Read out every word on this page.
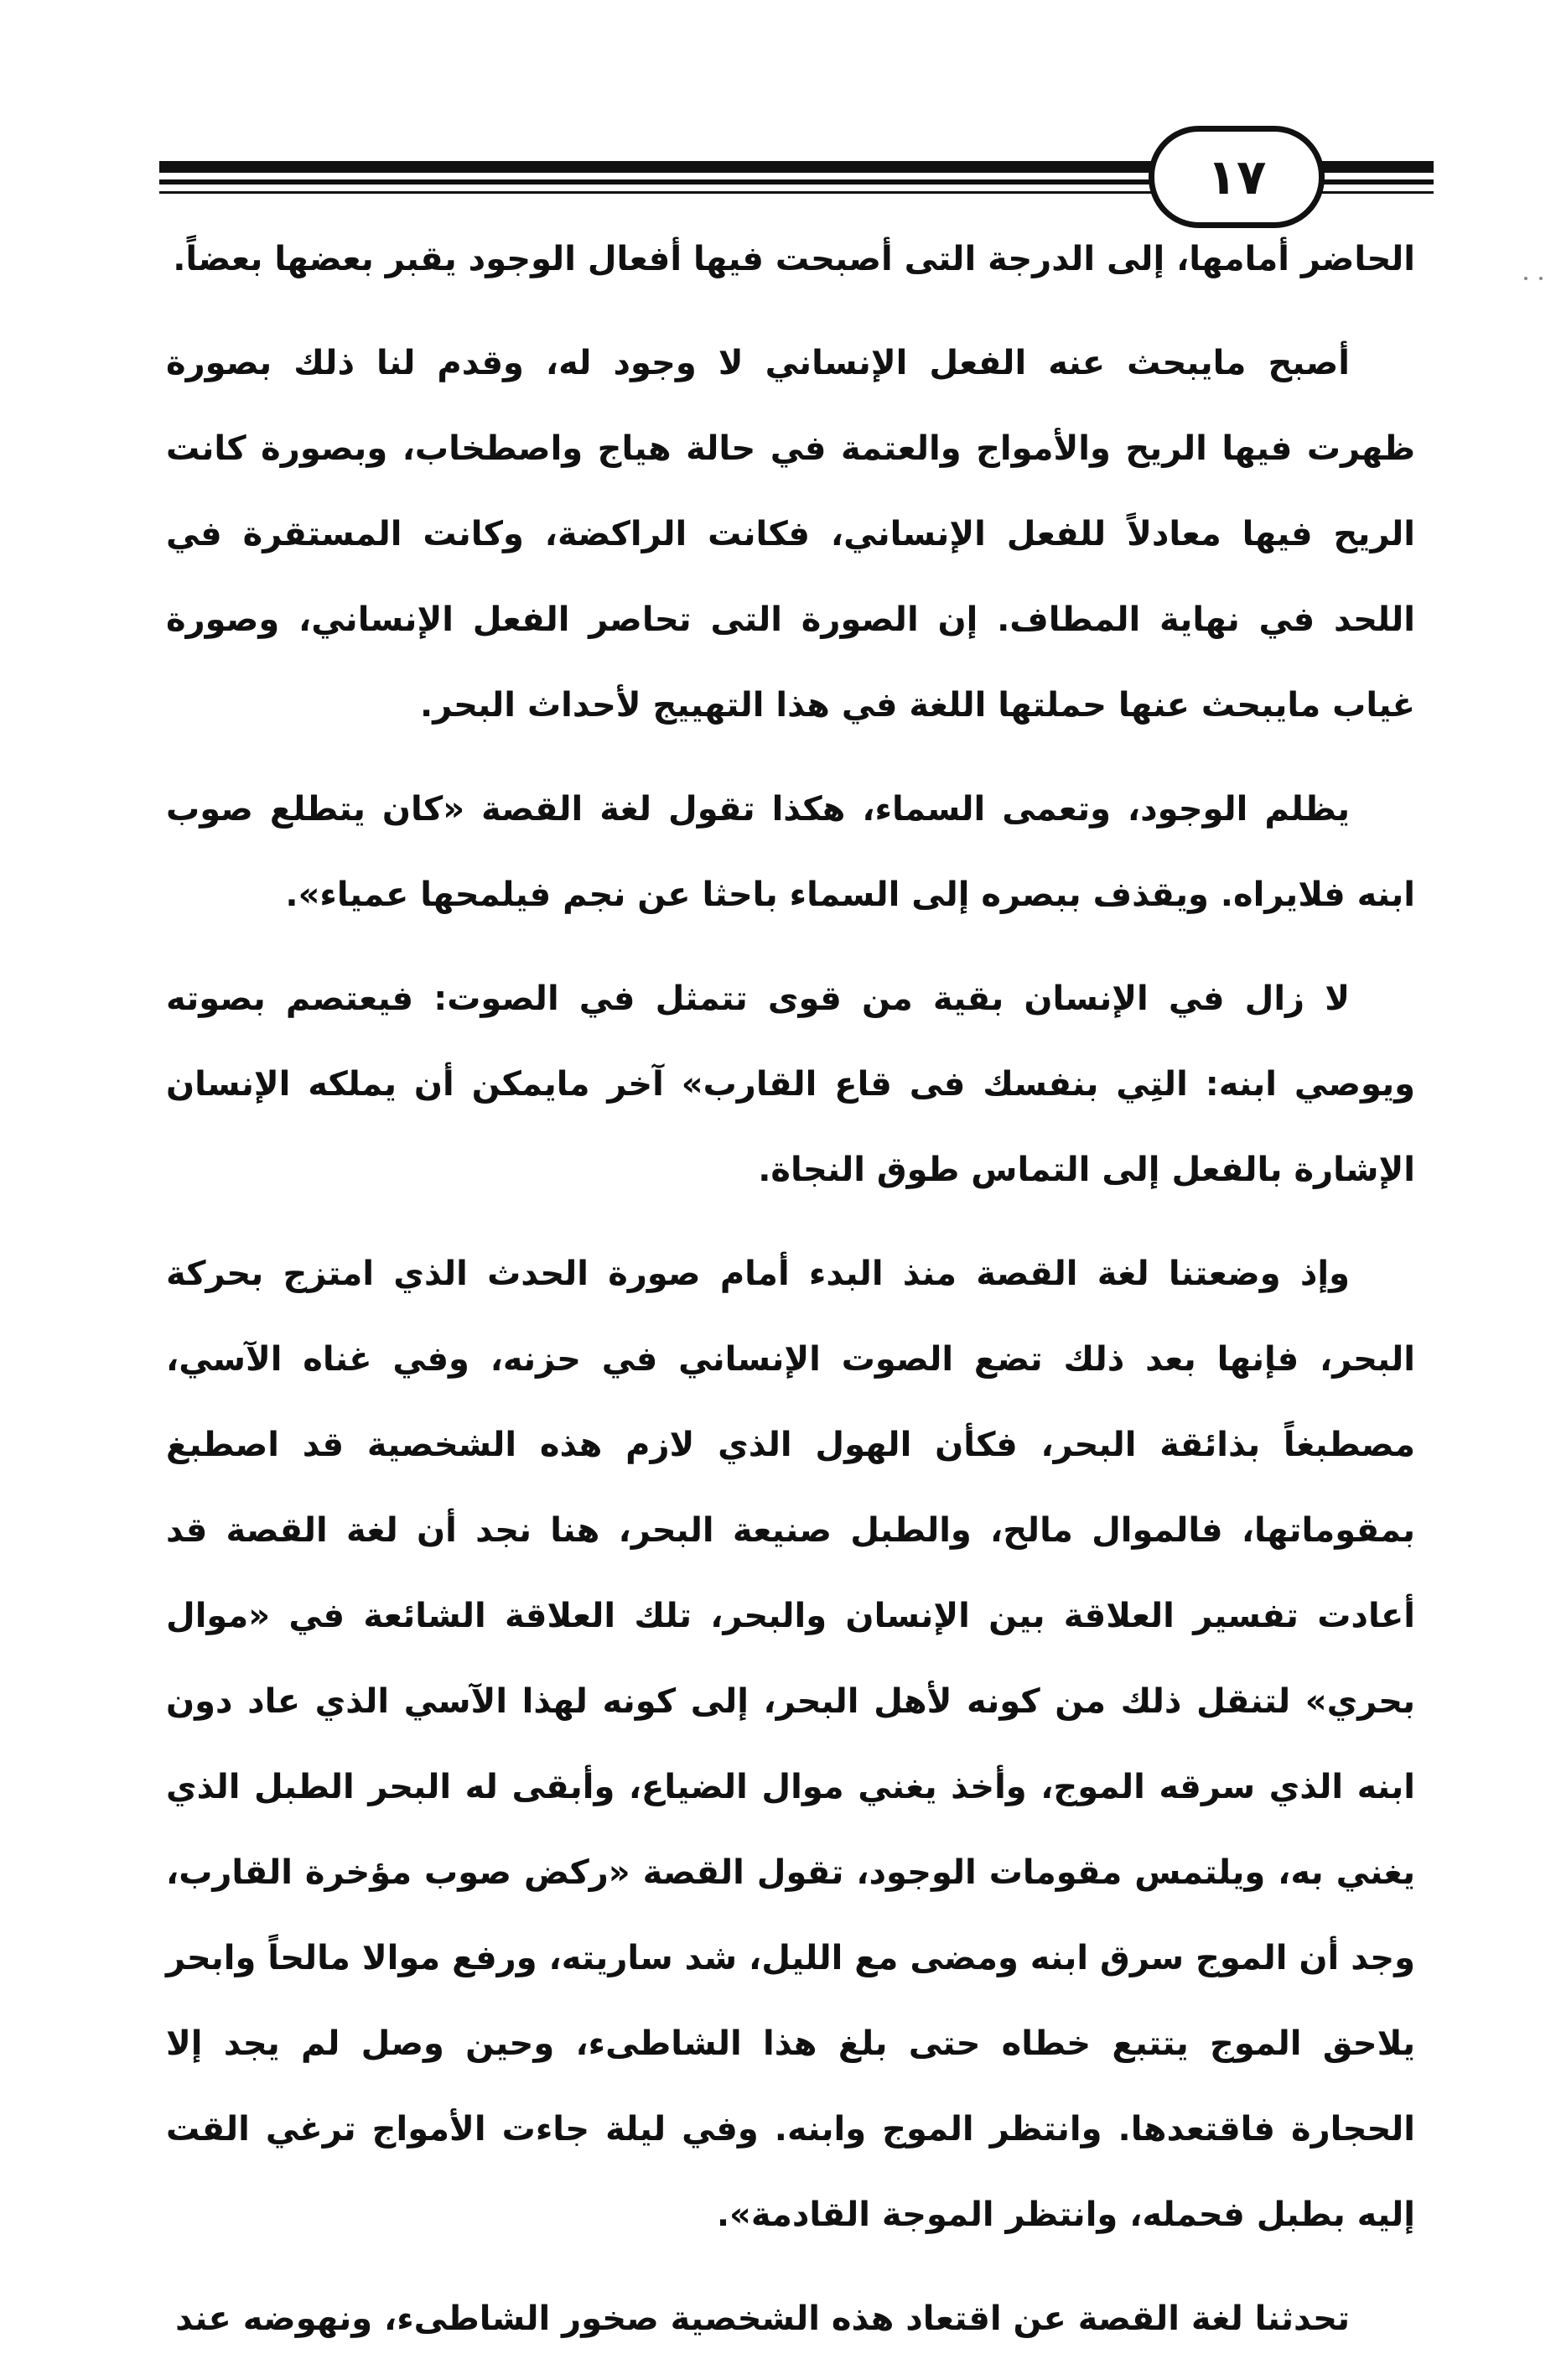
١٧

الحاضر أمامها، إلى الدرجة التى أصبحت فيها أفعال الوجود يقبر بعضها بعضاً.

أصبح مايبحث عنه الفعل الإنساني لا وجود له، وقدم لنا ذلك بصورة ظهرت فيها الريح والأمواج والعتمة في حالة هياج واصطخاب، وبصورة كانت الريح فيها معادلاً للفعل الإنساني، فكانت الراكضة، وكانت المستقرة في اللحد في نهاية المطاف. إن الصورة التى تحاصر الفعل الإنساني، وصورة غياب مايبحث عنها حملتها اللغة في هذا التهييج لأحداث البحر.

يظلم الوجود، وتعمى السماء، هكذا تقول لغة القصة «كان يتطلع صوب ابنه فلايراه. ويقذف ببصره إلى السماء باحثا عن نجم فيلمحها عمياء».

لا زال في الإنسان بقية من قوى تتمثل في الصوت: فيعتصم بصوته ويوصي ابنه: التِي بنفسك فى قاع القارب» آخر مايمكن أن يملكه الإنسان الإشارة بالفعل إلى التماس طوق النجاة.

وإذ وضعتنا لغة القصة منذ البدء أمام صورة الحدث الذي امتزج بحركة البحر، فإنها بعد ذلك تضع الصوت الإنساني في حزنه، وفي غناه الآسي، مصطبغاً بذائقة البحر، فكأن الهول الذي لازم هذه الشخصية قد اصطبغ بمقوماتها، فالموال مالح، والطبل صنيعة البحر، هنا نجد أن لغة القصة قد أعادت تفسير العلاقة بين الإنسان والبحر، تلك العلاقة الشائعة في «موال بحري» لتنقل ذلك من كونه لأهل البحر، إلى كونه لهذا الآسي الذي عاد دون ابنه الذي سرقه الموج، وأخذ يغني موال الضياع، وأبقى له البحر الطبل الذي يغني به، ويلتمس مقومات الوجود، تقول القصة «ركض صوب مؤخرة القارب، وجد أن الموج سرق ابنه ومضى مع الليل، شد ساريته، ورفع موالا مالحاً وابحر يلاحق الموج يتتبع خطاه حتى بلغ هذا الشاطىء، وحين وصل لم يجد إلا الحجارة فاقتعدها. وانتظر الموج وابنه. وفي ليلة جاءت الأمواج ترغي القت إليه بطبل فحمله، وانتظر الموجة القادمة».

تحدثنا لغة القصة عن اقتعاد هذه الشخصية صخور الشاطىء، ونهوضه عند
